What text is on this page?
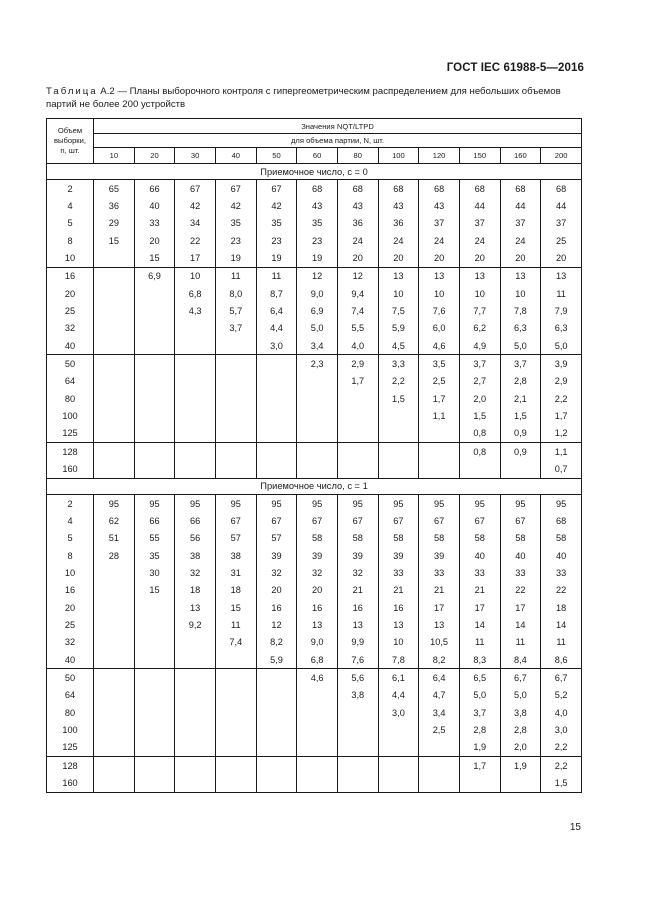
ГОСТ IEC 61988-5—2016
Таблица А.2 — Планы выборочного контроля с гипергеометрическим распределением для небольших объемов партий не более 200 устройств
Объем
выборки,
n, шт.	Значения NQT/LTPD											
	для объема партии, N, шт.											
	10	20	30	40	50	60	80	100	120	150	160	200
Приемочное число, c = 0												
2	65	66	67	67	67	68	68	68	68	68	68	68
4	36	40	42	42	42	43	43	43	43	44	44	44
5	29	33	34	35	35	35	36	36	37	37	37	37
8	15	20	22	23	23	23	24	24	24	24	24	25
10		15	17	19	19	19	20	20	20	20	20	20
16		6,9	10	11	11	12	12	13	13	13	13	13
20			6,8	8,0	8,7	9,0	9,4	10	10	10	10	11
25			4,3	5,7	6,4	6,9	7,4	7,5	7,6	7,7	7,8	7,9
32				3,7	4,4	5,0	5,5	5,9	6,0	6,2	6,3	6,3
40					3,0	3,4	4,0	4,5	4,6	4,9	5,0	5,0
50						2,3	2,9	3,3	3,5	3,7	3,7	3,9
64							1,7	2,2	2,5	2,7	2,8	2,9
80								1,5	1,7	2,0	2,1	2,2
100									1,1	1,5	1,5	1,7
125										0,8	0,9	1,2
128										0,8	0,9	1,1
160												0,7
Приемочное число, c = 1												
2	95	95	95	95	95	95	95	95	95	95	95	95
4	62	66	66	67	67	67	67	67	67	67	67	68
5	51	55	56	57	57	58	58	58	58	58	58	58
8	28	35	38	38	39	39	39	39	39	40	40	40
10		30	32	31	32	32	32	33	33	33	33	33
16		15	18	18	20	20	21	21	21	21	22	22
20			13	15	16	16	16	16	17	17	17	18
25			9,2	11	12	13	13	13	13	14	14	14
32				7,4	8,2	9,0	9,9	10	10,5	11	11	11
40					5,9	6,8	7,6	7,8	8,2	8,3	8,4	8,6
50						4,6	5,6	6,1	6,4	6,5	6,7	6,7
64							3,8	4,4	4,7	5,0	5,0	5,2
80								3,0	3,4	3,7	3,8	4,0
100									2,5	2,8	2,8	3,0
125										1,9	2,0	2,2
128										1,7	1,9	2,2
160												1,5
15
